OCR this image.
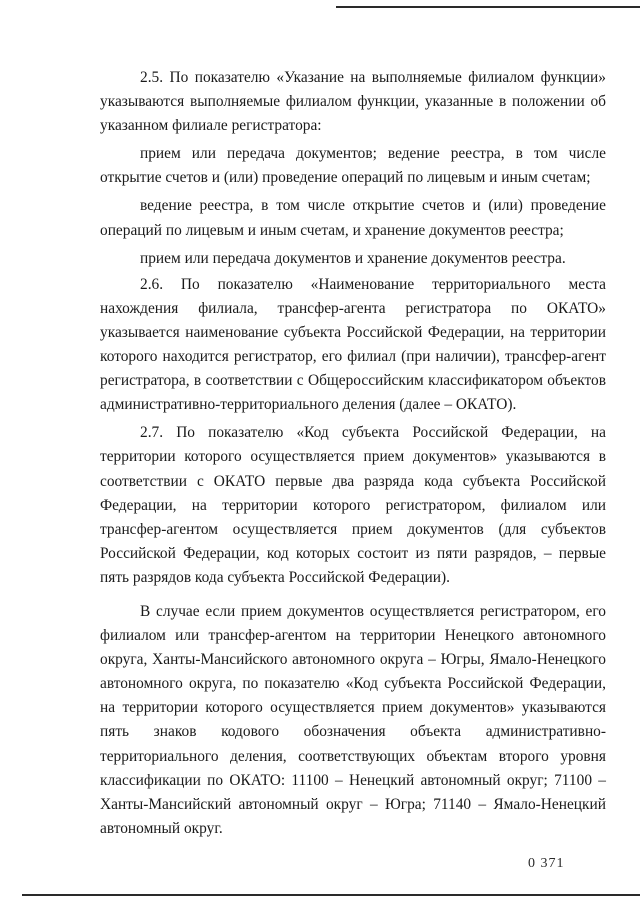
2.5. По показателю «Указание на выполняемые филиалом функции» указываются выполняемые филиалом функции, указанные в положении об указанном филиале регистратора:

прием или передача документов; ведение реестра, в том числе открытие счетов и (или) проведение операций по лицевым и иным счетам;

ведение реестра, в том числе открытие счетов и (или) проведение операций по лицевым и иным счетам, и хранение документов реестра;

прием или передача документов и хранение документов реестра.

2.6. По показателю «Наименование территориального места нахождения филиала, трансфер-агента регистратора по ОКАТО» указывается наименование субъекта Российской Федерации, на территории которого находится регистратор, его филиал (при наличии), трансфер-агент регистратора, в соответствии с Общероссийским классификатором объектов административно-территориального деления (далее – ОКАТО).

2.7. По показателю «Код субъекта Российской Федерации, на территории которого осуществляется прием документов» указываются в соответствии с ОКАТО первые два разряда кода субъекта Российской Федерации, на территории которого регистратором, филиалом или трансфер-агентом осуществляется прием документов (для субъектов Российской Федерации, код которых состоит из пяти разрядов, – первые пять разрядов кода субъекта Российской Федерации).

В случае если прием документов осуществляется регистратором, его филиалом или трансфер-агентом на территории Ненецкого автономного округа, Ханты-Мансийского автономного округа – Югры, Ямало-Ненецкого автономного округа, по показателю «Код субъекта Российской Федерации, на территории которого осуществляется прием документов» указываются пять знаков кодового обозначения объекта административно-территориального деления, соответствующих объектам второго уровня классификации по ОКАТО: 11100 – Ненецкий автономный округ; 71100 – Ханты-Мансийский автономный округ – Югра; 71140 – Ямало-Ненецкий автономный округ.

0 371
